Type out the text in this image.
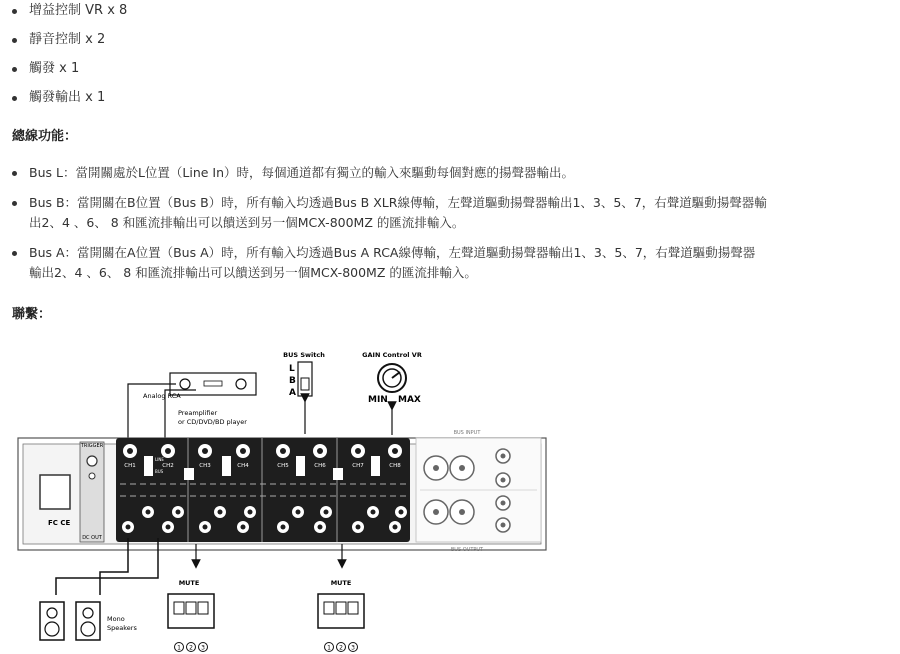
增益控制 VR x 8
靜音控制 x 2
觸發 x 1
觸發輸出 x 1
總線功能：
Bus L：當開關處於L位置（Line In）時，每個通道都有獨立的輸入來驅動每個對應的揚聲器輸出。
Bus B：當開關在B位置（Bus B）時，所有輸入均透過Bus B XLR線傳輸，左聲道驅動揚聲器輸出1、3、5、7，右聲道驅動揚聲器輸
出2、4 、6、 8 和匯流排輸出可以饋送到另一個MCX-800MZ 的匯流排輸入。
Bus A：當開關在A位置（Bus A）時，所有輸入均透過Bus A RCA線傳輸，左聲道驅動揚聲器輸出1、3、5、7，右聲道驅動揚聲器
輸出2、4 、6、 8 和匯流排輸出可以饋送到另一個MCX-800MZ 的匯流排輸入。
聯繫：
BUS Switch
L
B
A
GAIN Control VR
MIN MAX
Analog RCA
Preamplifier
or CD/DVD/BD player
FC CE
TRIGGER
DC OUT
CH1	CH2	CH3	CH4	CH5	CH6	CH7	CH8
LINE
BUS
BUS INPUT
BUS OUTPUT
Mono
Speakers
MUTE
1 2 3
MUTE
1 2 3
